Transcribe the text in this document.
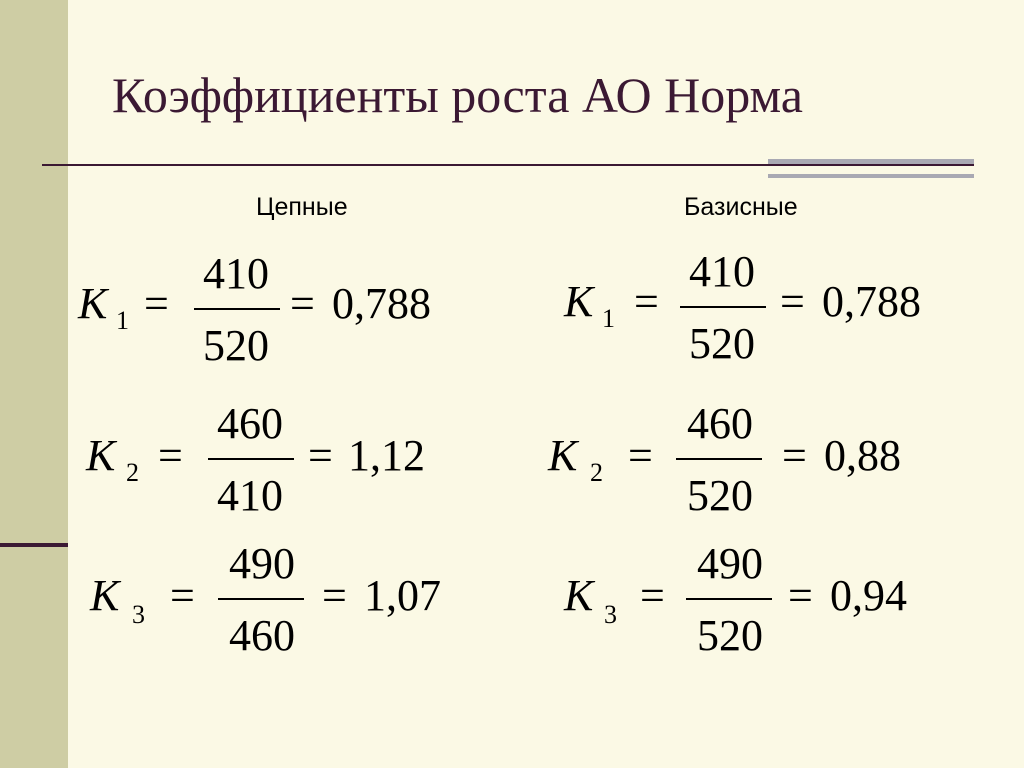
Коэффициенты роста АО Норма
Цепные	Базисные
K 1 =
410
520
= 0,788
K 2 =
460
410
= 1,12
K 3 =
490
460
= 1,07
K 1 =
410
520
= 0,788
K 2 =
460
520
= 0,88
K 3 =
490
520
= 0,94
